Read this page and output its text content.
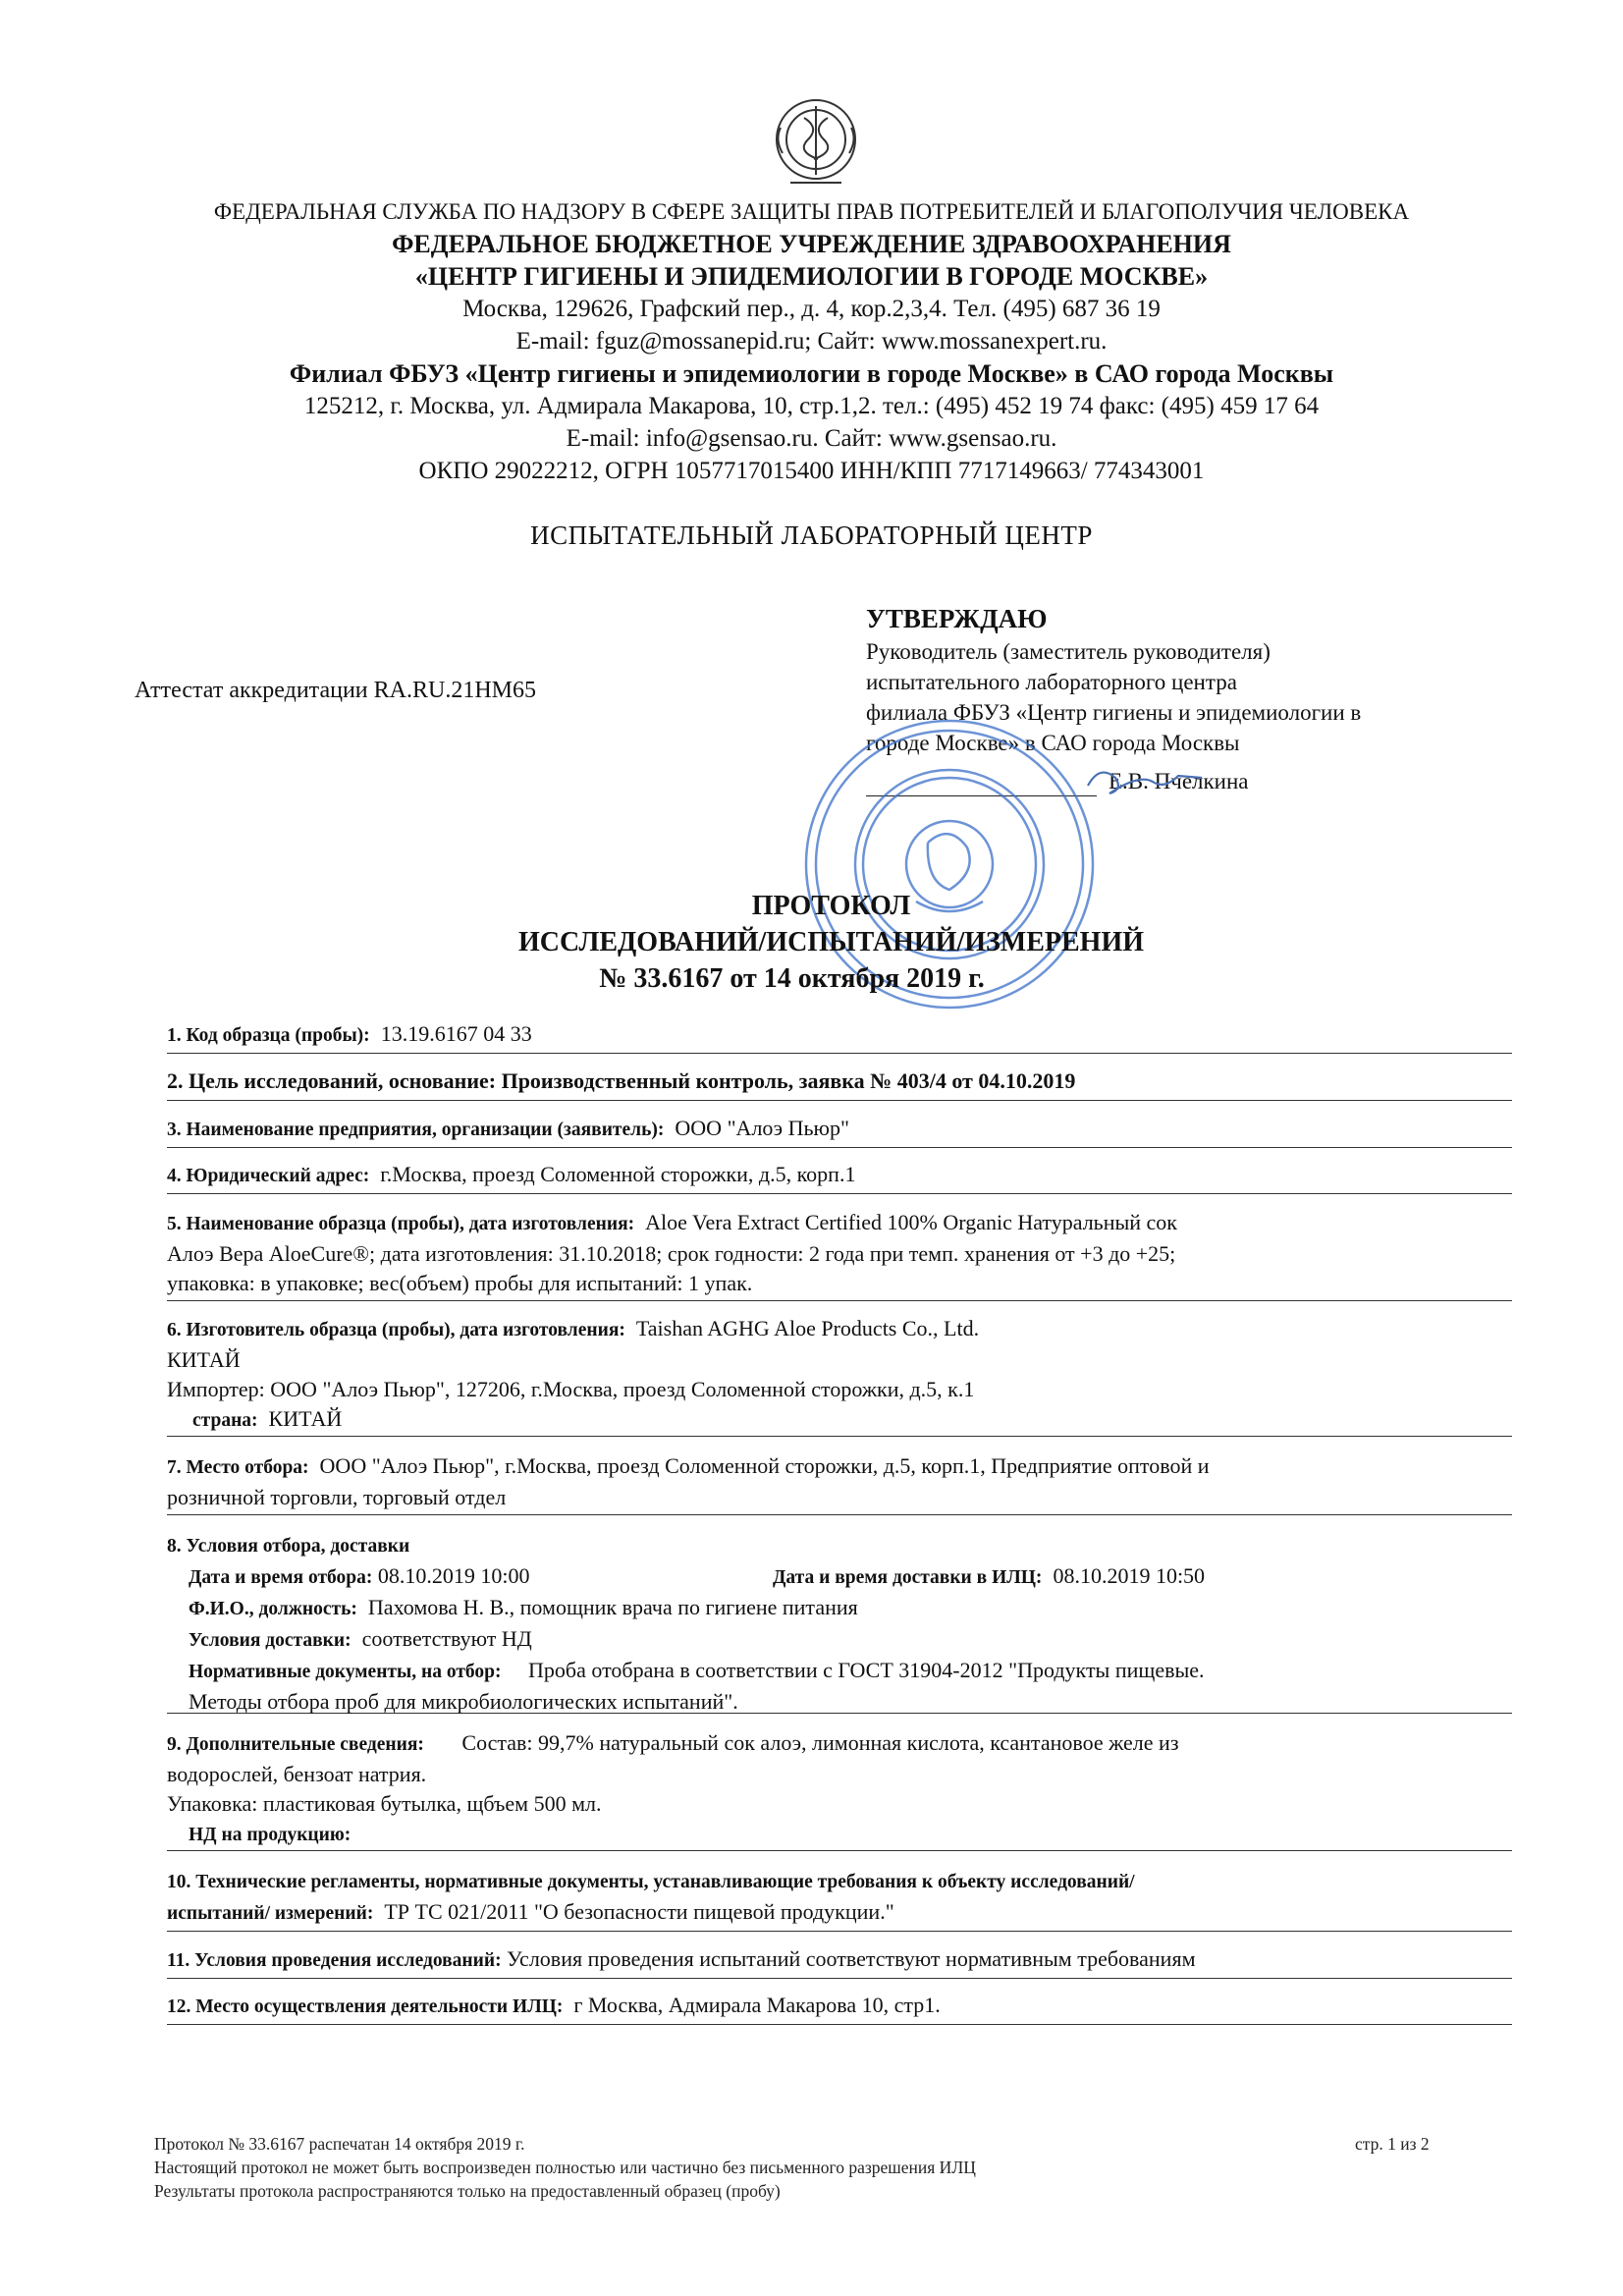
ФЕДЕРАЛЬНАЯ СЛУЖБА ПО НАДЗОРУ В СФЕРЕ ЗАЩИТЫ ПРАВ ПОТРЕБИТЕЛЕЙ И БЛАГОПОЛУЧИЯ ЧЕЛОВЕКА
ФЕДЕРАЛЬНОЕ БЮДЖЕТНОЕ УЧРЕЖДЕНИЕ ЗДРАВООХРАНЕНИЯ
«ЦЕНТР ГИГИЕНЫ И ЭПИДЕМИОЛОГИИ В ГОРОДЕ МОСКВЕ»
Москва, 129626, Графский пер., д. 4, кор.2,3,4. Тел. (495) 687 36 19
E-mail: fguz@mossanepid.ru; Сайт: www.mossanexpert.ru.
Филиал ФБУЗ «Центр гигиены и эпидемиологии в городе Москве» в САО города Москвы
125212, г. Москва, ул. Адмирала Макарова, 10, стр.1,2. тел.: (495) 452 19 74 факс: (495) 459 17 64
E-mail: info@gsensao.ru. Сайт: www.gsensao.ru.
ОКПО 29022212, ОГРН 1057717015400 ИНН/КПП 7717149663/ 774343001
ИСПЫТАТЕЛЬНЫЙ ЛАБОРАТОРНЫЙ ЦЕНТР
Аттестат аккредитации RA.RU.21НМ65
УТВЕРЖДАЮ
Руководитель (заместитель руководителя)
испытательного лабораторного центра
филиала ФБУЗ «Центр гигиены и эпидемиологии в
городе Москве» в САО города Москвы
Е.В. Пчелкина
ПРОТОКОЛ
ИССЛЕДОВАНИЙ/ИСПЫТАНИЙ/ИЗМЕРЕНИЙ
№ 33.6167 от 14 октября 2019 г.
1. Код образца (пробы): 13.19.6167 04 33
2. Цель исследований, основание: Производственный контроль, заявка № 403/4 от 04.10.2019
3. Наименование предприятия, организации (заявитель): ООО "Алоэ Пьюр"
4. Юридический адрес: г.Москва, проезд Соломенной сторожки, д.5, корп.1
5. Наименование образца (пробы), дата изготовления: Aloe Vera Extract Certified 100% Organic Натуральный сок
Алоэ Вера AloeCure®; дата изготовления: 31.10.2018; срок годности: 2 года при темп. хранения от +3 до +25;
упаковка: в упаковке; вес(объем) пробы для испытаний: 1 упак.
6. Изготовитель образца (пробы), дата изготовления: Taishan AGHG Aloe Products Co., Ltd.
КИТАЙ
Импортер: ООО "Алоэ Пьюр", 127206, г.Москва, проезд Соломенной сторожки, д.5, к.1
страна: КИТАЙ
7. Место отбора: ООО "Алоэ Пьюр", г.Москва, проезд Соломенной сторожки, д.5, корп.1, Предприятие оптовой и
розничной торговли, торговый отдел
8. Условия отбора, доставки
Дата и время отбора: 08.10.2019 10:00	Дата и время доставки в ИЛЦ: 08.10.2019 10:50
Ф.И.О., должность: Пахомова Н. В., помощник врача по гигиене питания
Условия доставки: соответствуют НД
Нормативные документы, на отбор: Проба отобрана в соответствии с ГОСТ 31904-2012 "Продукты пищевые.
Методы отбора проб для микробиологических испытаний".
9. Дополнительные сведения: Состав: 99,7% натуральный сок алоэ, лимонная кислота, ксантановое желе из
водорослей, бензоат натрия.
Упаковка: пластиковая бутылка, щбъем 500 мл.
НД на продукцию:
10. Технические регламенты, нормативные документы, устанавливающие требования к объекту исследований/
испытаний/ измерений: ТР ТС 021/2011 "О безопасности пищевой продукции."
11. Условия проведения исследований: Условия проведения испытаний соответствуют нормативным требованиям
12. Место осуществления деятельности ИЛЦ: г Москва, Адмирала Макарова 10, стр1.
Протокол № 33.6167 распечатан 14 октября 2019 г.
Настоящий протокол не может быть воспроизведен полностью или частично без письменного разрешения ИЛЦ
Результаты протокола распространяются только на предоставленный образец (пробу)
стр. 1 из 2
